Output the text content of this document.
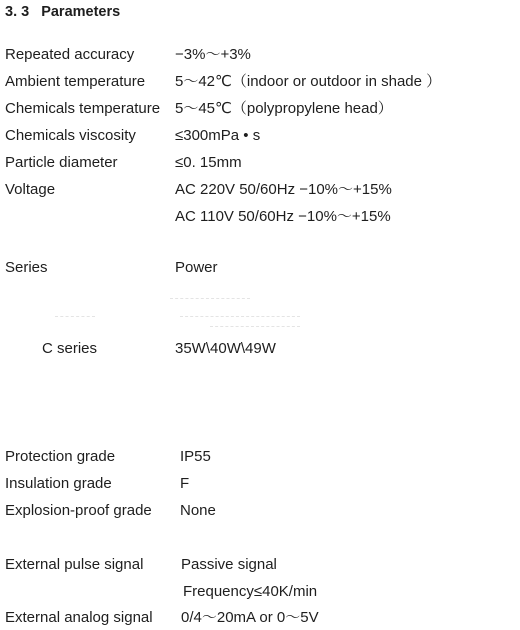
3. 3 Parameters
Repeated accuracy	−3%～+3%
Ambient temperature 5～42℃（indoor or outdoor in shade ）
Chemicals temperature 5～45℃（polypropylene head）
Chemicals viscosity	≤300mPa • s
Particle diameter	≤0. 15mm
Voltage	AC 220V 50/60Hz −10%～+15%
AC 110V 50/60Hz −10%～+15%
Series	Power
C series	35W\40W\49W
Protection grade	IP55
Insulation grade	F
Explosion-proof grade None
External pulse signal	Passive signal
Frequency≤40K/min
External analog signal 0/4～20mA or 0～5V
